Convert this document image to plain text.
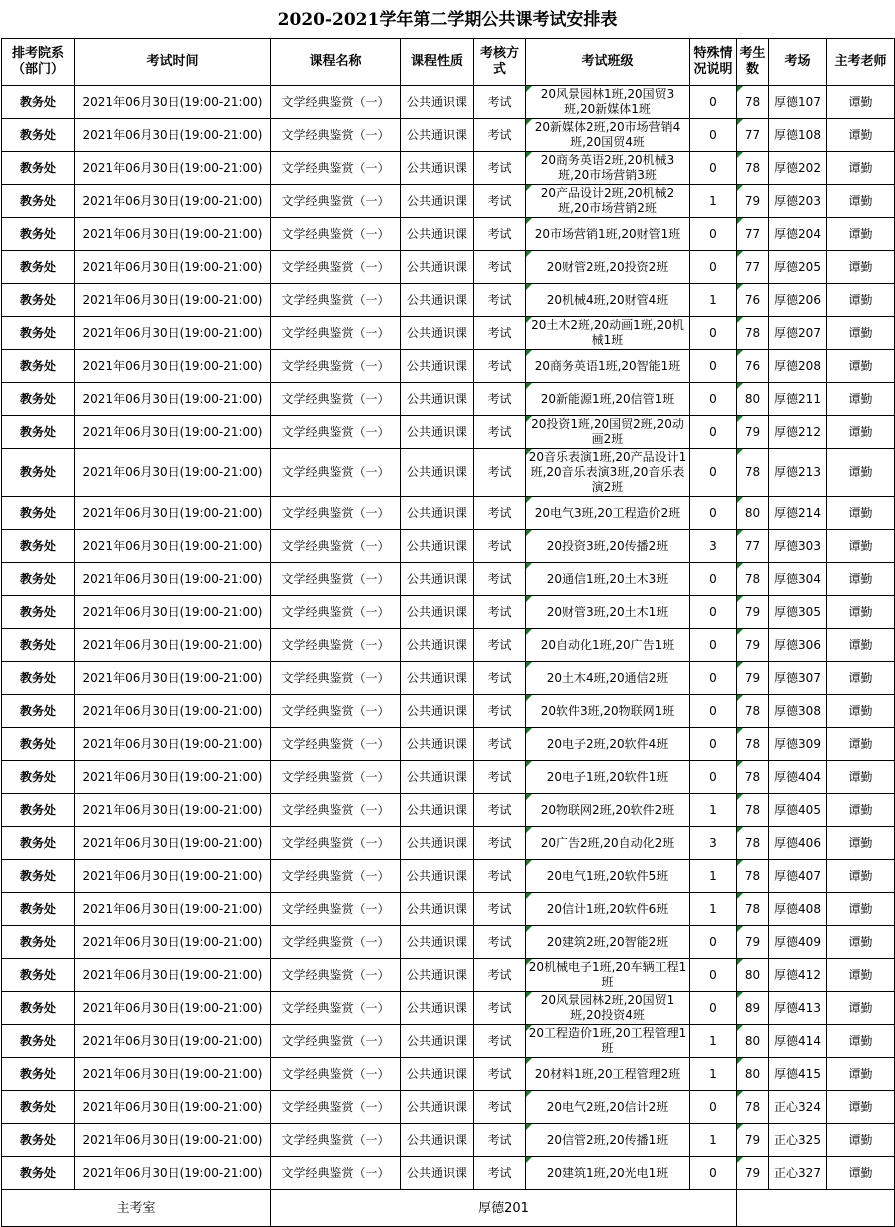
2020-2021学年第二学期公共课考试安排表
排考院系（部门）	考试时间	课程名称	课程性质	考核方式	考试班级	特殊情况说明	考生数	考场	主考老师
教务处	2021年06月30日(19:00-21:00)	文学经典鉴赏（一）	公共通识课	考试	20风景园林1班,20国贸3班,20新媒体1班	0	78	厚德107	谭勤
教务处	2021年06月30日(19:00-21:00)	文学经典鉴赏（一）	公共通识课	考试	20新媒体2班,20市场营销4班,20国贸4班	0	77	厚德108	谭勤
教务处	2021年06月30日(19:00-21:00)	文学经典鉴赏（一）	公共通识课	考试	20商务英语2班,20机械3班,20市场营销3班	0	78	厚德202	谭勤
教务处	2021年06月30日(19:00-21:00)	文学经典鉴赏（一）	公共通识课	考试	20产品设计2班,20机械2班,20市场营销2班	1	79	厚德203	谭勤
教务处	2021年06月30日(19:00-21:00)	文学经典鉴赏（一）	公共通识课	考试	20市场营销1班,20财管1班	0	77	厚德204	谭勤
教务处	2021年06月30日(19:00-21:00)	文学经典鉴赏（一）	公共通识课	考试	20财管2班,20投资2班	0	77	厚德205	谭勤
教务处	2021年06月30日(19:00-21:00)	文学经典鉴赏（一）	公共通识课	考试	20机械4班,20财管4班	1	76	厚德206	谭勤
教务处	2021年06月30日(19:00-21:00)	文学经典鉴赏（一）	公共通识课	考试	20土木2班,20动画1班,20机械1班	0	78	厚德207	谭勤
教务处	2021年06月30日(19:00-21:00)	文学经典鉴赏（一）	公共通识课	考试	20商务英语1班,20智能1班	0	76	厚德208	谭勤
教务处	2021年06月30日(19:00-21:00)	文学经典鉴赏（一）	公共通识课	考试	20新能源1班,20信管1班	0	80	厚德211	谭勤
教务处	2021年06月30日(19:00-21:00)	文学经典鉴赏（一）	公共通识课	考试	20投资1班,20国贸2班,20动画2班	0	79	厚德212	谭勤
教务处	2021年06月30日(19:00-21:00)	文学经典鉴赏（一）	公共通识课	考试	20音乐表演1班,20产品设计1班,20音乐表演3班,20音乐表演2班	0	78	厚德213	谭勤
教务处	2021年06月30日(19:00-21:00)	文学经典鉴赏（一）	公共通识课	考试	20电气3班,20工程造价2班	0	80	厚德214	谭勤
教务处	2021年06月30日(19:00-21:00)	文学经典鉴赏（一）	公共通识课	考试	20投资3班,20传播2班	3	77	厚德303	谭勤
教务处	2021年06月30日(19:00-21:00)	文学经典鉴赏（一）	公共通识课	考试	20通信1班,20土木3班	0	78	厚德304	谭勤
教务处	2021年06月30日(19:00-21:00)	文学经典鉴赏（一）	公共通识课	考试	20财管3班,20土木1班	0	79	厚德305	谭勤
教务处	2021年06月30日(19:00-21:00)	文学经典鉴赏（一）	公共通识课	考试	20自动化1班,20广告1班	0	79	厚德306	谭勤
教务处	2021年06月30日(19:00-21:00)	文学经典鉴赏（一）	公共通识课	考试	20土木4班,20通信2班	0	79	厚德307	谭勤
教务处	2021年06月30日(19:00-21:00)	文学经典鉴赏（一）	公共通识课	考试	20软件3班,20物联网1班	0	78	厚德308	谭勤
教务处	2021年06月30日(19:00-21:00)	文学经典鉴赏（一）	公共通识课	考试	20电子2班,20软件4班	0	78	厚德309	谭勤
教务处	2021年06月30日(19:00-21:00)	文学经典鉴赏（一）	公共通识课	考试	20电子1班,20软件1班	0	78	厚德404	谭勤
教务处	2021年06月30日(19:00-21:00)	文学经典鉴赏（一）	公共通识课	考试	20物联网2班,20软件2班	1	78	厚德405	谭勤
教务处	2021年06月30日(19:00-21:00)	文学经典鉴赏（一）	公共通识课	考试	20广告2班,20自动化2班	3	78	厚德406	谭勤
教务处	2021年06月30日(19:00-21:00)	文学经典鉴赏（一）	公共通识课	考试	20电气1班,20软件5班	1	78	厚德407	谭勤
教务处	2021年06月30日(19:00-21:00)	文学经典鉴赏（一）	公共通识课	考试	20信计1班,20软件6班	1	78	厚德408	谭勤
教务处	2021年06月30日(19:00-21:00)	文学经典鉴赏（一）	公共通识课	考试	20建筑2班,20智能2班	0	79	厚德409	谭勤
教务处	2021年06月30日(19:00-21:00)	文学经典鉴赏（一）	公共通识课	考试	20机械电子1班,20车辆工程1班	0	80	厚德412	谭勤
教务处	2021年06月30日(19:00-21:00)	文学经典鉴赏（一）	公共通识课	考试	20风景园林2班,20国贸1班,20投资4班	0	89	厚德413	谭勤
教务处	2021年06月30日(19:00-21:00)	文学经典鉴赏（一）	公共通识课	考试	20工程造价1班,20工程管理1班	1	80	厚德414	谭勤
教务处	2021年06月30日(19:00-21:00)	文学经典鉴赏（一）	公共通识课	考试	20材料1班,20工程管理2班	1	80	厚德415	谭勤
教务处	2021年06月30日(19:00-21:00)	文学经典鉴赏（一）	公共通识课	考试	20电气2班,20信计2班	0	78	正心324	谭勤
教务处	2021年06月30日(19:00-21:00)	文学经典鉴赏（一）	公共通识课	考试	20信管2班,20传播1班	1	79	正心325	谭勤
教务处	2021年06月30日(19:00-21:00)	文学经典鉴赏（一）	公共通识课	考试	20建筑1班,20光电1班	0	79	正心327	谭勤
主考室		厚德201							
